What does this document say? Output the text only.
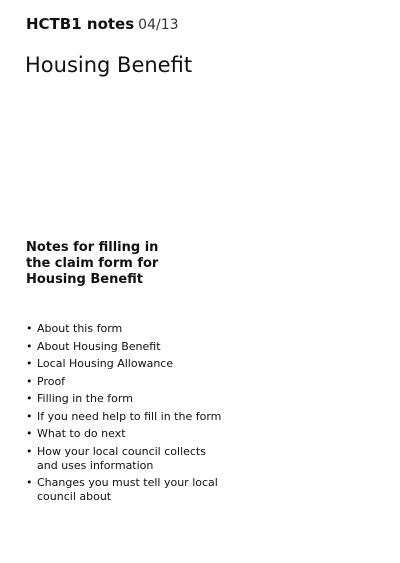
HCTB1 notes 04/13
Housing Benefit
Notes for filling in the claim form for Housing Benefit
• About this form
• About Housing Benefit
• Local Housing Allowance
• Proof
• Filling in the form
• If you need help to fill in the form
• What to do next
• How your local council collects and uses information
• Changes you must tell your local council about
